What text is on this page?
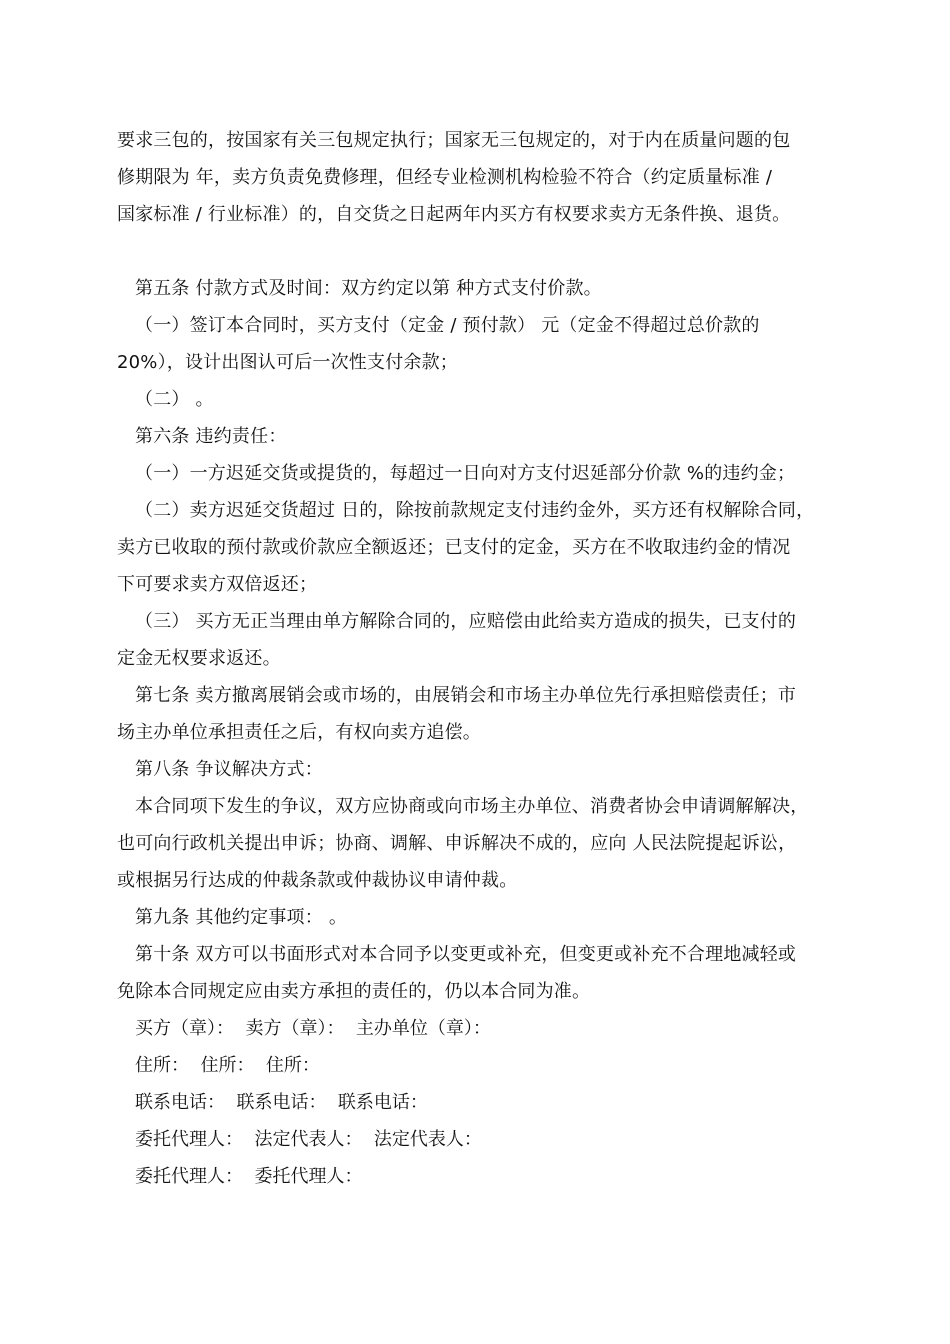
要求三包的，按国家有关三包规定执行；国家无三包规定的，对于内在质量问题的包

修期限为 年，卖方负责免费修理，但经专业检测机构检验不符合（约定质量标准 /

国家标准 / 行业标准）的，自交货之日起两年内买方有权要求卖方无条件换、退货。

第五条 付款方式及时间：双方约定以第 种方式支付价款。

（一）签订本合同时，买方支付（定金 / 预付款） 元（定金不得超过总价款的

20%），设计出图认可后一次性支付余款；

（二） 。

第六条 违约责任：

（一）一方迟延交货或提货的，每超过一日向对方支付迟延部分价款 %的违约金；

（二）卖方迟延交货超过 日的，除按前款规定支付违约金外，买方还有权解除合同，

卖方已收取的预付款或价款应全额返还；已支付的定金，买方在不收取违约金的情况

下可要求卖方双倍返还；

（三） 买方无正当理由单方解除合同的，应赔偿由此给卖方造成的损失，已支付的

定金无权要求返还。

第七条 卖方撤离展销会或市场的，由展销会和市场主办单位先行承担赔偿责任；市

场主办单位承担责任之后，有权向卖方追偿。

第八条 争议解决方式：

本合同项下发生的争议，双方应协商或向市场主办单位、消费者协会申请调解解决，

也可向行政机关提出申诉；协商、调解、申诉解决不成的，应向 人民法院提起诉讼，

或根据另行达成的仲裁条款或仲裁协议申请仲裁。

第九条 其他约定事项： 。

第十条 双方可以书面形式对本合同予以变更或补充，但变更或补充不合理地减轻或

免除本合同规定应由卖方承担的责任的，仍以本合同为准。

买方（章）：  卖方（章）：  主办单位（章）：

住所：  住所：  住所：

联系电话：  联系电话：  联系电话：

委托代理人：  法定代表人：  法定代表人：

委托代理人：  委托代理人：
